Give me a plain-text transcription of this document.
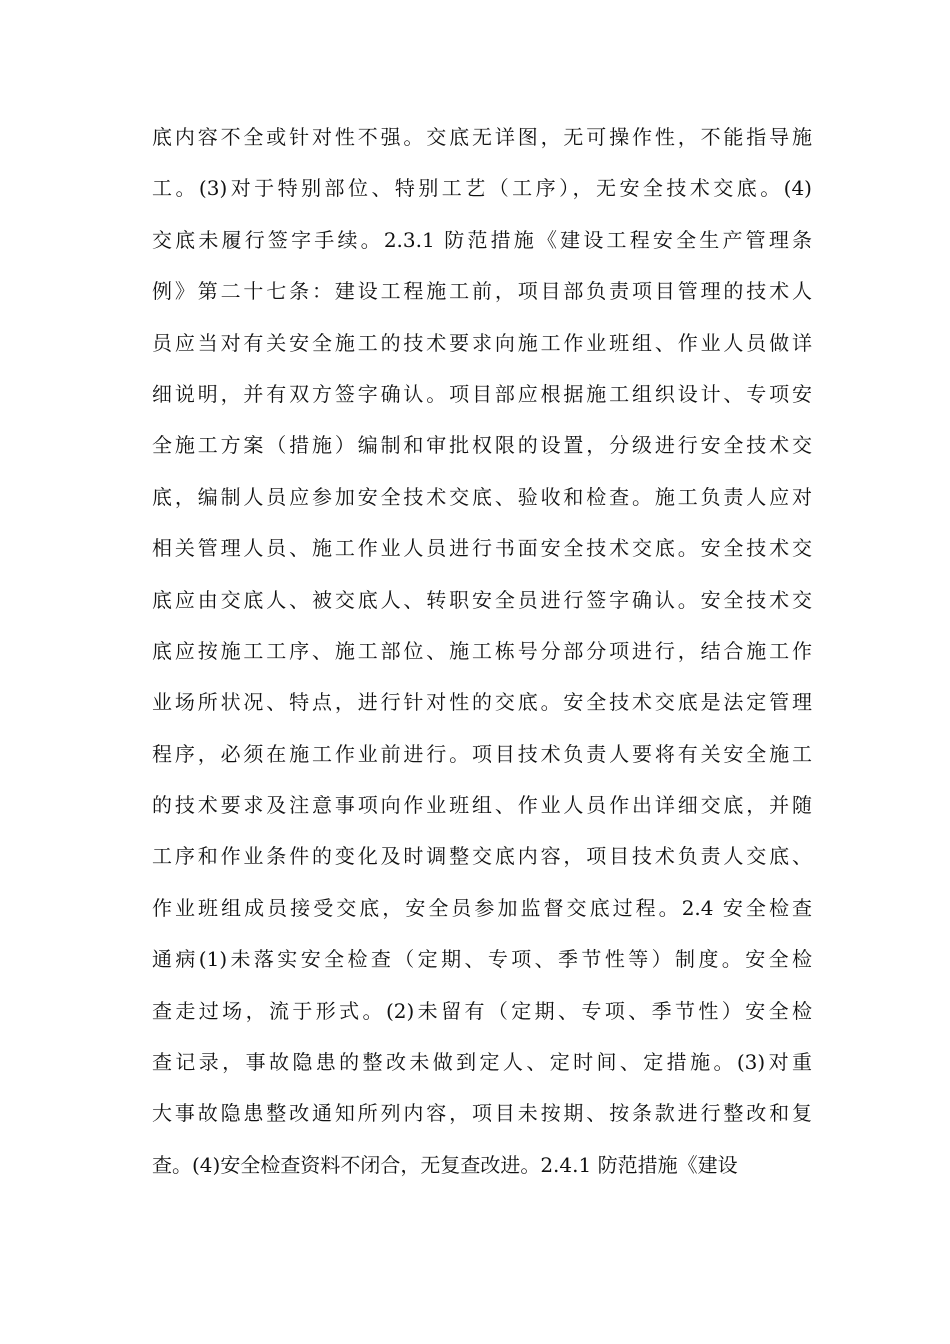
底内容不全或针对性不强。交底无详图，无可操作性，不能指导施
工。(3)对于特别部位、特别工艺（工序），无安全技术交底。(4)
交底未履行签字手续。2.3.1 防范措施《建设工程安全生产管理条
例》第二十七条：建设工程施工前，项目部负责项目管理的技术人
员应当对有关安全施工的技术要求向施工作业班组、作业人员做详
细说明，并有双方签字确认。项目部应根据施工组织设计、专项安
全施工方案（措施）编制和审批权限的设置，分级进行安全技术交
底，编制人员应参加安全技术交底、验收和检查。施工负责人应对
相关管理人员、施工作业人员进行书面安全技术交底。安全技术交
底应由交底人、被交底人、转职安全员进行签字确认。安全技术交
底应按施工工序、施工部位、施工栋号分部分项进行，结合施工作
业场所状况、特点，进行针对性的交底。安全技术交底是法定管理
程序，必须在施工作业前进行。项目技术负责人要将有关安全施工
的技术要求及注意事项向作业班组、作业人员作出详细交底，并随
工序和作业条件的变化及时调整交底内容，项目技术负责人交底、
作业班组成员接受交底，安全员参加监督交底过程。2.4 安全检查
通病(1)未落实安全检查（定期、专项、季节性等）制度。安全检
查走过场，流于形式。(2)未留有（定期、专项、季节性）安全检
查记录，事故隐患的整改未做到定人、定时间、定措施。(3)对重
大事故隐患整改通知所列内容，项目未按期、按条款进行整改和复
查。(4)安全检查资料不闭合，无复查改进。2.4.1 防范措施《建设
